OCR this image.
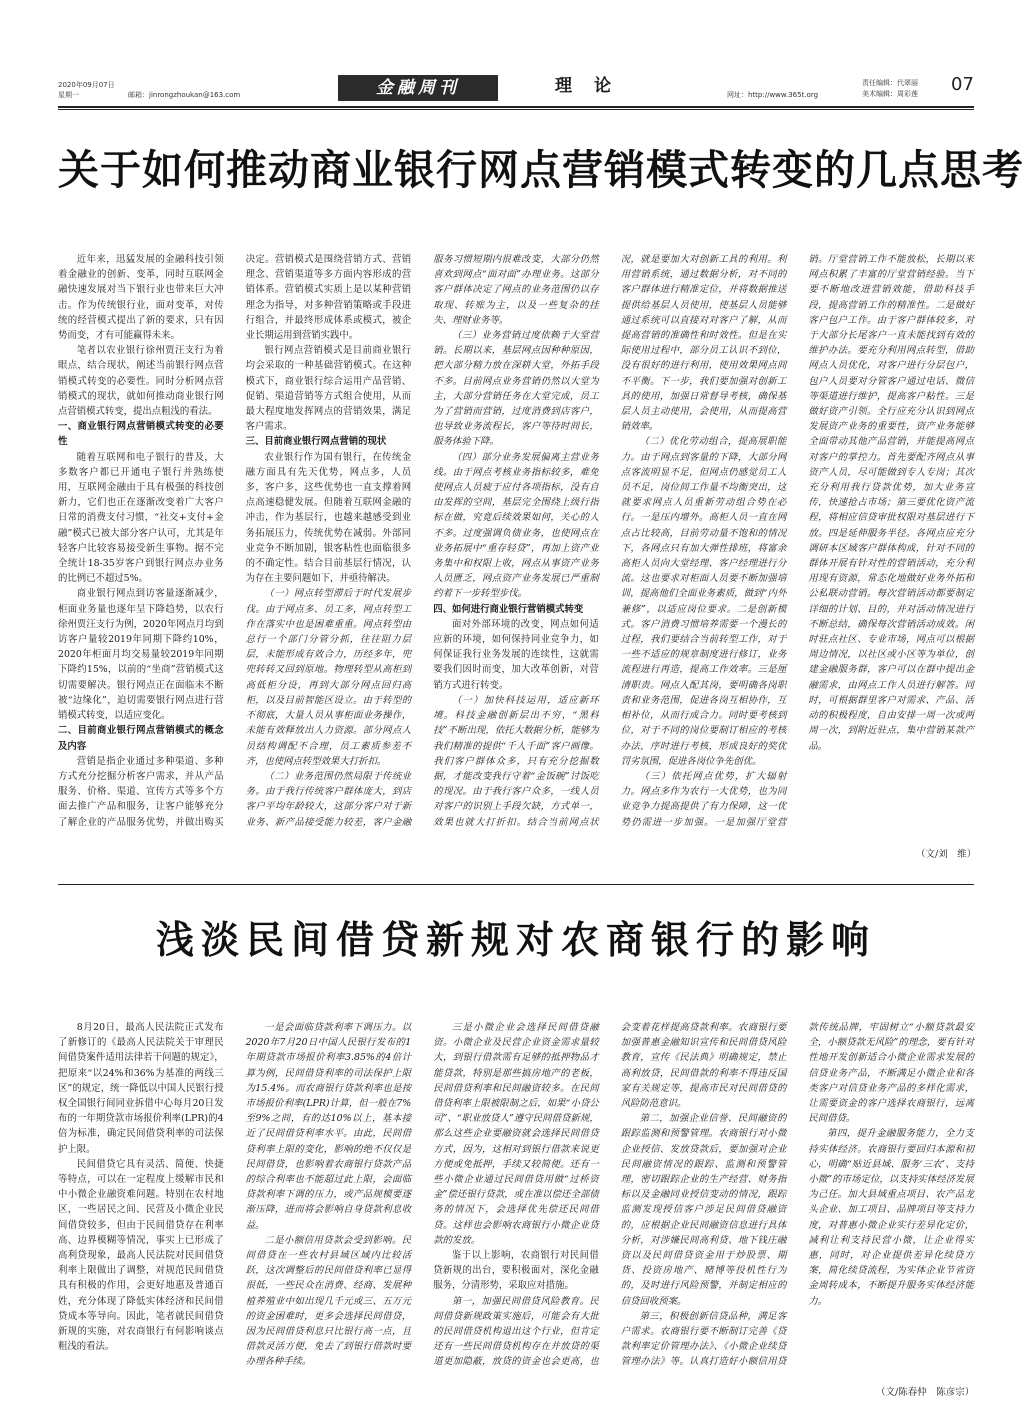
2020年09月07日
星期一	邮箱：jinrongzhoukan@163.com	金融周刊	理论	网址：http://www.365t.org
责任编辑：代翠丽
美术编辑：周彩莲 07
关于如何推动商业银行网点营销模式转变的几点思考

近年来，迅猛发展的金融科技引领着金融业的创新、变革，同时互联网金融快速发展对当下银行业也带来巨大冲击。作为传统银行业，面对变革，对传统的经营模式提出了新的要求，只有因势而变，才有可能赢得未来。

笔者以农业银行徐州贾汪支行为着眼点，结合现状，阐述当前银行网点营销模式转变的必要性。同时分析网点营销模式的现状，就如何推动商业银行网点营销模式转变，提出点粗浅的看法。

一、商业银行网点营销模式转变的必要性

随着互联网和电子银行的普及，大多数客户都已开通电子银行并熟练使用，互联网金融由于具有极强的科技创新力，它们也正在逐渐改变着广大客户日常的消费支付习惯，“社交+支付+金融”模式已被大部分客户认可，尤其是年轻客户比较容易接受新生事物。据不完全统计18-35岁客户到银行网点办业务的比例已不超过5%。

商业银行网点到访客量逐渐减少，柜面业务量也逐年呈下降趋势，以农行徐州贾汪支行为例，2020年网点月均到访客户量较2019年同期下降约10%，2020年柜面月均交易量较2019年同期下降约15%，以前的“坐商”营销模式这切需要解决。银行网点正在面临未不断被“边缘化”，迫切需要银行网点进行营销模式转变，以适应变化。

二、目前商业银行网点营销模式的概念及内容

营销是指企业通过多种渠道、多种方式充分挖掘分析客户需求，并从产品服务、价格、渠道、宣传方式等多个方面去推广产品和服务，让客户能够充分了解企业的产品服务优势，并做出购买决定。营销模式是围绕营销方式、营销理念、营销渠道等多方面内容形成的营销体系。营销模式实质上是以某种营销理念为指导，对多种营销策略或手段进行组合，并最终形成体系或模式，被企业长期运用到营销实践中。

银行网点营销模式是目前商业银行均会采取的一种基础营销模式。在这种模式下，商业银行综合运用产品营销、促销、渠道营销等方式组合使用，从而最大程度地发挥网点的营销效果，满足客户需求。

三、目前商业银行网点营销的现状

农业银行作为国有银行，在传统金融方面具有先天优势，网点多，人员多，客户多，这些优势也一直支撑着网点高速稳健发展。但随着互联网金融的冲击，作为基层行，也越来越感受到业务拓展压力，传统优势在减弱。外部同业竞争不断加剧，银客粘性也面临很多的不确定性。结合目前基层行情况，认为存在主要问题如下，并亟待解决。

（一）网点转型滞后于时代发展步伐。由于网点多、员工多，网点转型工作在落实中也是困难重重。网点转型由总行一个部门分管分抓，往往阻力层层，未能形成有效合力，历经多年，兜兜转转又回到原地。物理转型从高柜到高低柜分设，再到大部分网点回归高柜，以及目前智能区设立。由于转型的不彻底，大量人员从事柜面业务操作，未能有效释放出人力资源。部分网点人员结构调配不合理，员工素质参差不齐，也使网点转型效果大打折扣。

（二）业务范围仍然局限于传统业务。由于我行传统客户群体庞大，到店客户平均年龄较大，这部分客户对于新业务、新产品接受能力较差，客户金融服务习惯短期内很难改变，大部分仍然喜欢到网点“面对面”办理业务。这部分客户群体决定了网点的业务范围仍以存取现、转账为主，以及一些复杂的挂失、理财业务等。

（三）业务营销过度依赖于大堂营销。长期以来，基层网点因种种原因，把大部分精力放在深耕大堂，外拓手段不多。目前网点业务营销仍然以大堂为主，大部分营销任务在大堂完成，员工为了营销而营销，过度消费到店客户，也导致业务流程长，客户等待时间长，服务体验下降。

（四）部分业务发展偏离主营业务线。由于网点考核业务指标较多，难免使网点人员疲于应付各项指标，没有自由发挥的空间，基层完全围绕上级行指标在做，究竟后续效果如何，关心的人不多。过度强调负债业务，也使网点在业务拓展中“重存轻贷”，再加上资产业务集中和权限上收，网点从事资产业务人员匮乏，网点资产业务发展已严重制约着下一步转型步伐。

四、如何进行商业银行营销模式转变

面对外部环境的改变，网点如何适应新的环境，如何保持同业竞争力，如何保证我行业务发展的连续性，这就需要我们因时而变，加大改革创新，对营销方式进行转变。

（一）加快科技运用，适应新环境。科技金融创新层出不穷，“黑科技”不断出现，依托大数据分析，能够为我们精准的提供“千人千面”客户画像。我们客户群体众多，只有充分挖掘数据，才能改变我行守着“金饭碗”讨饭吃的现况。由于我行客户众多，一线人员对客户的识别上手段欠缺，方式单一，效果也就大打折扣。结合当前网点状况，就是要加大对创新工具的利用。利用营销系统，通过数据分析，对不同的客户群体进行精准定位，并将数据推送提供给基层人员使用，使基层人员能够通过系统可以直接对对客户了解，从而提高营销的准确性和时效性。但是在实际使用过程中，部分员工认识不到位，没有很好的进行利用，使用效果网点间不平衡。下一步，我们要加强对创新工具的使用，加强日常督导考核，确保基层人员主动使用，会使用，从而提高营销效率。

（二）优化劳动组合，提高展职能力。由于网点到客量的下降，大部分网点客流明显不足，但网点仍感觉员工人员不足，岗位间工作量不均衡突出，这就要求网点人员重新劳动组合势在必行。一是压内增外。高柜人员一直在网点占比较高，目前劳动量不饱和的情况下，各网点只有加大弹性排班，将富余高柜人员向大堂经理、客户经理进行分流。这也要求对柜面人员要不断加强培训，提高他们全面业务素质，做到“内外兼修”，以适应岗位要求。二是创新模式。客户消费习惯培养需要一个漫长的过程，我们要结合当前转型工作，对于一些不适应的规章制度进行修订，业务流程进行再造，提高工作效率。三是厘清职责。网点人配其岗，要明确各岗职责和业务范围，促进各岗互相协作，互相补位，从而行成合力。同时要考核到位，对于不同的岗位要制订相应的考核办法，序时进行考核，形成良好的奖优罚劣氛围，促进各岗位争先创优。

（三）依托网点优势，扩大辐射力。网点多作为农行一大优势，也为同业竞争力提高提供了有力保障，这一优势仍需进一步加强。一是加强厅堂营销。厅堂营销工作不能放松，长期以来网点积累了丰富的厅堂营销经验。当下要不断地改进营销效能，借助科技手段，提高营销工作的精准性。二是做好客户包户工作。由于客户群体较多，对于大部分长尾客户一直未能找到有效的维护办法。要充分利用网点转型，借助网点人员优化，对客户进行分层包户，包户人员要对分管客户通过电话、微信等渠道进行维护，提高客户粘性。三是做好资产引领。全行应充分认识到网点发展资产业务的重要性，资产业务能够全面带动其他产品营销，并能提高网点对客户的掌控力。首先要配齐网点从事资产人员，尽可能做到专人专岗；其次充分利用我行贷款优势，加大业务宣传，快速抢占市场；第三要优化资产流程，将相应信贷审批权限对基层进行下放。四是延伸服务半径。各网点应充分调研本区域客户群体构成，针对不同的群体开展有针对性的营销活动，充分利用现有资源，常态化地做好业务外拓和公私联动营销。每次营销活动都要制定详细的计划、目的，并对活动情况进行不断总结，确保每次营销活动成效。闲时驻点社区、专业市场，网点可以根据周边情况，以社区或小区等为单位，创建金融服务群，客户可以在群中提出金融需求，由网点工作人员进行解答。同时，可根据群里客户对需求、产品、活动的积极程度，自由安排一周一次或两周一次，到附近驻点，集中营销某款产品。

（文/刘　维）
浅淡民间借贷新规对农商银行的影响

8月20日，最高人民法院正式发布了新修订的《最高人民法院关于审理民间借贷案件适用法律若干问题的规定》，把原来“以24%和36%为基准的两线三区”的规定，统一降低以中国人民银行授权全国银行间同业拆借中心每月20日发布的一年期贷款市场报价利率(LPR)的4倍为标准，确定民间借贷利率的司法保护上限。

民间借贷它具有灵活、简便、快捷等特点，可以在一定程度上缓解市民和中小微企业融资难问题。特别在农村地区，一些居民之间、民营及小微企业民间借贷较多，但由于民间借贷存在利率高、边界模糊等情况，事实上已形成了高利贷现象，最高人民法院对民间借贷利率上限做出了调整，对规范民间借贷具有积极的作用，会更好地惠及普通百姓，充分体现了降低实体经济和民间借贷成本等导向。因此，笔者就民间借贷新规的实施，对农商银行有何影响谈点粗浅的看法。

一是会面临贷款利率下调压力。以2020年7月20日中国人民银行发布的1年期贷款市场报价利率3.85%的4倍计算为例，民间借贷利率的司法保护上限为15.4%。而农商银行贷款利率也是按市场报价利率(LPR)计算，但一般在7%至9%之间，有的达10%以上，基本接近了民间借贷利率水平。由此，民间借贷利率上限的变化，影响的绝不仅仅是民间借贷，也影响着农商银行贷款产品的综合利率也不能超过此上限，会面临贷款利率下调的压力，或产品规模要逐渐压降，进而将会影响自身贷款利息收益。

二是小额信用贷款会受到影响。民间借贷在一些农村县域区域内比较活跃，这次调整后的民间借贷利率已显得很低，一些民众在消费、经商、发展种植养殖业中如出现几千元或三、五万元的资金困难时，更多会选择民间借贷，因为民间借贷利息只比银行高一点，且借款灵活方便，免去了到银行借款时要办理各种手续。

三是小微企业会选择民间借贷融资。小微企业及民营企业资金需求量较大，到银行借款需有足够的抵押物品才能贷款，特别是那些搞房地产的老板，民间借贷利率和民间融资较多。在民间借贷利率上限被限制之后，如果“小贷公司”、“职业放贷人”遵守民间借贷新规，那么这些企业要融资就会选择民间借贷方式，因为，这相对到银行借款来说更方便或免抵押，手续又较简便。还有一些小微企业通过民间借贷用做“过桥资金”偿还银行贷款，或在准以偿还全部债务的情况下，会选择优先偿还民间借贷。这样也会影响农商银行小微企业贷款的发放。

鉴于以上影响，农商银行对民间借贷新规的出台，要积极面对，深化金融服务，分清形势，采取应对措施。

第一，加强民间借贷风险教育。民间借贷新规政策实施后，可能会有大批的民间借贷机构退出这个行业，但肯定还有一些民间借贷机构存在并放贷的渠道更加隐蔽，放贷的资金也会更高，也会变着花样提高贷款利率。农商银行要加强普惠金融知识宣传和民间借贷风险教育，宣传《民法典》明确规定，禁止高利放贷，民间借款的利率不得违反国家有关规定等，提高市民对民间借贷的风险防范意识。

第二，加强企业信誉、民间融资的跟踪监测和预警管理。农商银行对小微企业授信、发放贷款后，要加强对企业民间融资情况的跟踪、监测和预警管理，密切跟踪企业的生产经营、财务指标以及金融同业授信变动的情况，跟踪监测发现授信客户涉足民间借贷融资的，应根据企业民间融资信息进行具体分析，对涉嫌民间高利贷、地下钱庄融资以及民间借贷资金用于炒股票、期货、投资房地产、赌博等投机性行为的，及时进行风险预警，并制定相应的信贷回收预案。

第三，积极创新信贷品种，满足客户需求。农商银行要不断制订完善《贷款利率定价管理办法》、《小微企业续贷管理办法》等。认真打造好小额信用贷款传统品牌，牢固树立“小额贷款最安全，小额贷款无风险”的理念，要有针对性地开发创新适合小微企业需求发展的信贷业务产品，不断满足小微企业和各类客户对信贷业务产品的多样化需求，让需要资金的客户选择农商银行，远离民间借贷。

第四，提升金融服务能力，全力支持实体经济。农商银行要回归本源和初心，明确“贴近县域、服务‘三农’、支持小微”的市场定位，以支持实体经济发展为己任。加大县域重点项目、农产品龙头企业、加工项目、品牌项目等支持力度，对普惠小微企业实行差异化定价，减利让利支持民营小微，让企业得实惠，同时，对企业提供差异化续贷方案，简化续贷流程，为实体企业节省资金周转成本，不断提升服务实体经济能力。

（文/陈春仲　陈彦宗）
